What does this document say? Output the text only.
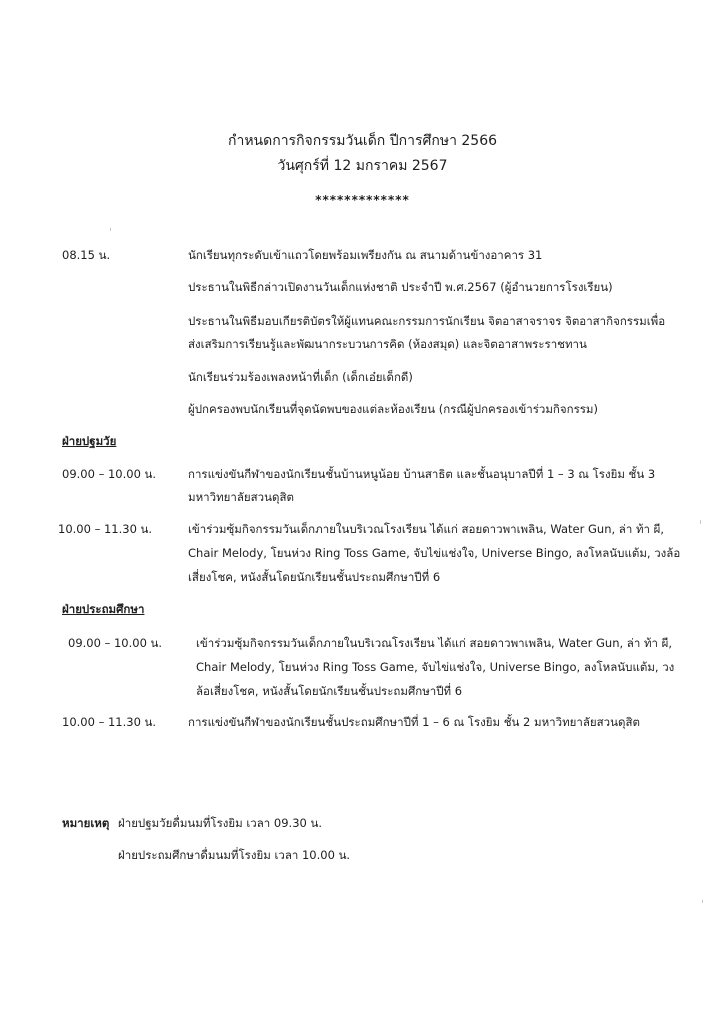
กำหนดการกิจกรรมวันเด็ก ปีการศึกษา 2566
วันศุกร์ที่ 12 มกราคม 2567
*************
08.15 น.	นักเรียนทุกระดับเข้าแถวโดยพร้อมเพรียงกัน ณ สนามด้านข้างอาคาร 31
ประธานในพิธีกล่าวเปิดงานวันเด็กแห่งชาติ ประจำปี พ.ศ.2567 (ผู้อำนวยการโรงเรียน)
ประธานในพิธีมอบเกียรติบัตรให้ผู้แทนคณะกรรมการนักเรียน จิตอาสาจราจร จิตอาสากิจกรรมเพื่อ
ส่งเสริมการเรียนรู้และพัฒนากระบวนการคิด (ห้องสมุด) และจิตอาสาพระราชทาน
นักเรียนร่วมร้องเพลงหน้าที่เด็ก (เด็กเอ๋ยเด็กดี)
ผู้ปกครองพบนักเรียนที่จุดนัดพบของแต่ละห้องเรียน (กรณีผู้ปกครองเข้าร่วมกิจกรรม)
ฝ่ายปฐมวัย
09.00 – 10.00 น.	การแข่งขันกีฬาของนักเรียนชั้นบ้านหนูน้อย บ้านสาธิต และชั้นอนุบาลปีที่ 1 – 3 ณ โรงยิม ชั้น 3
มหาวิทยาลัยสวนดุสิต
10.00 – 11.30 น.	เข้าร่วมซุ้มกิจกรรมวันเด็กภายในบริเวณโรงเรียน ได้แก่ สอยดาวพาเพลิน, Water Gun, ล่า ท้า ผี,
Chair Melody, โยนห่วง Ring Toss Game, จับไข่แช่งใจ, Universe Bingo, ลงโหลนับแต้ม, วงล้อ
เสี่ยงโชค, หนังสั้นโดยนักเรียนชั้นประถมศึกษาปีที่ 6
ฝ่ายประถมศึกษา
09.00 – 10.00 น.	เข้าร่วมซุ้มกิจกรรมวันเด็กภายในบริเวณโรงเรียน ได้แก่ สอยดาวพาเพลิน, Water Gun, ล่า ท้า ผี,
Chair Melody, โยนห่วง Ring Toss Game, จับไข่แช่งใจ, Universe Bingo, ลงโหลนับแต้ม, วง
ล้อเสี่ยงโชค, หนังสั้นโดยนักเรียนชั้นประถมศึกษาปีที่ 6
10.00 – 11.30 น.	การแข่งขันกีฬาของนักเรียนชั้นประถมศึกษาปีที่ 1 – 6 ณ โรงยิม ชั้น 2 มหาวิทยาลัยสวนดุสิต
หมายเหตุ ฝ่ายปฐมวัยดื่มนมที่โรงยิม เวลา 09.30 น.
ฝ่ายประถมศึกษาดื่มนมที่โรงยิม เวลา 10.00 น.
